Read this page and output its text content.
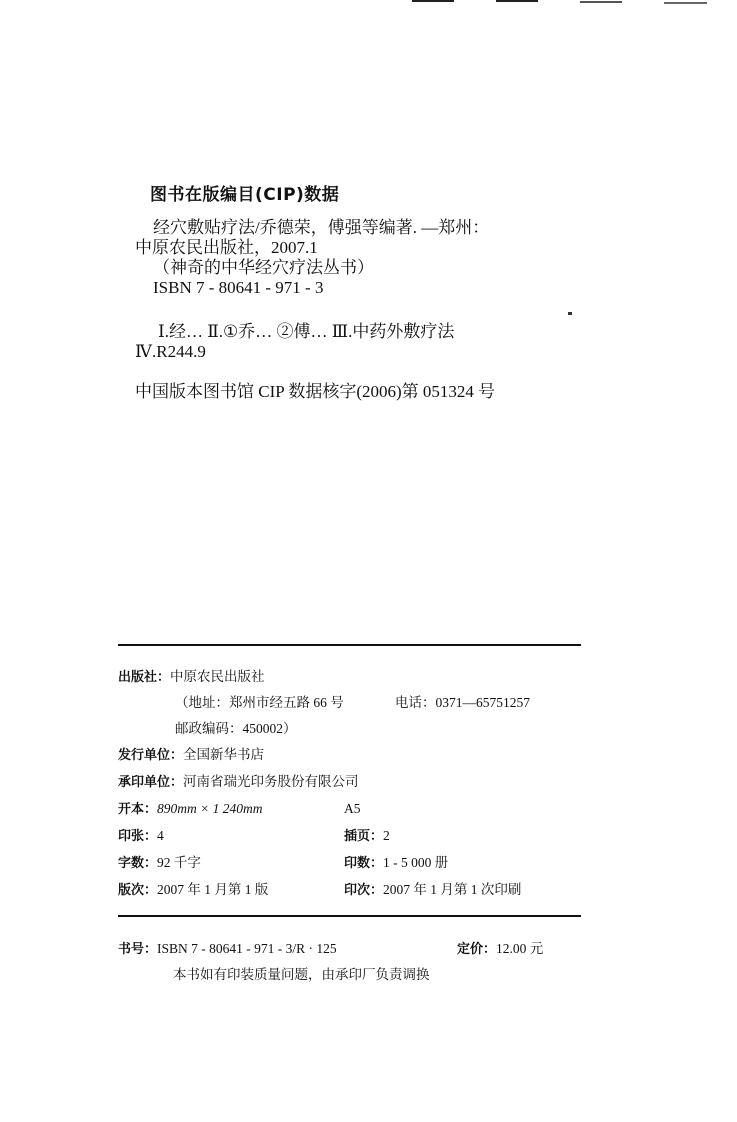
图书在版编目(CIP)数据
经穴敷贴疗法/乔德荣，傅强等编著. —郑州：
中原农民出版社，2007.1
（神奇的中华经穴疗法丛书）
ISBN 7 - 80641 - 971 - 3
Ⅰ.经… Ⅱ.①乔… ②傅… Ⅲ.中药外敷疗法
Ⅳ.R244.9
中国版本图书馆 CIP 数据核字(2006)第 051324 号
出版社：中原农民出版社
（地址：郑州市经五路 66 号	电话：0371—65751257
邮政编码：450002）
发行单位：全国新华书店
承印单位：河南省瑞光印务股份有限公司
开本：890mm × 1 240mm	A5
印张：4	插页：2
字数：92 千字	印数：1 - 5 000 册
版次：2007 年 1 月第 1 版	印次：2007 年 1 月第 1 次印刷
书号：ISBN 7 - 80641 - 971 - 3/R · 125	定价：12.00 元
本书如有印装质量问题，由承印厂负责调换
